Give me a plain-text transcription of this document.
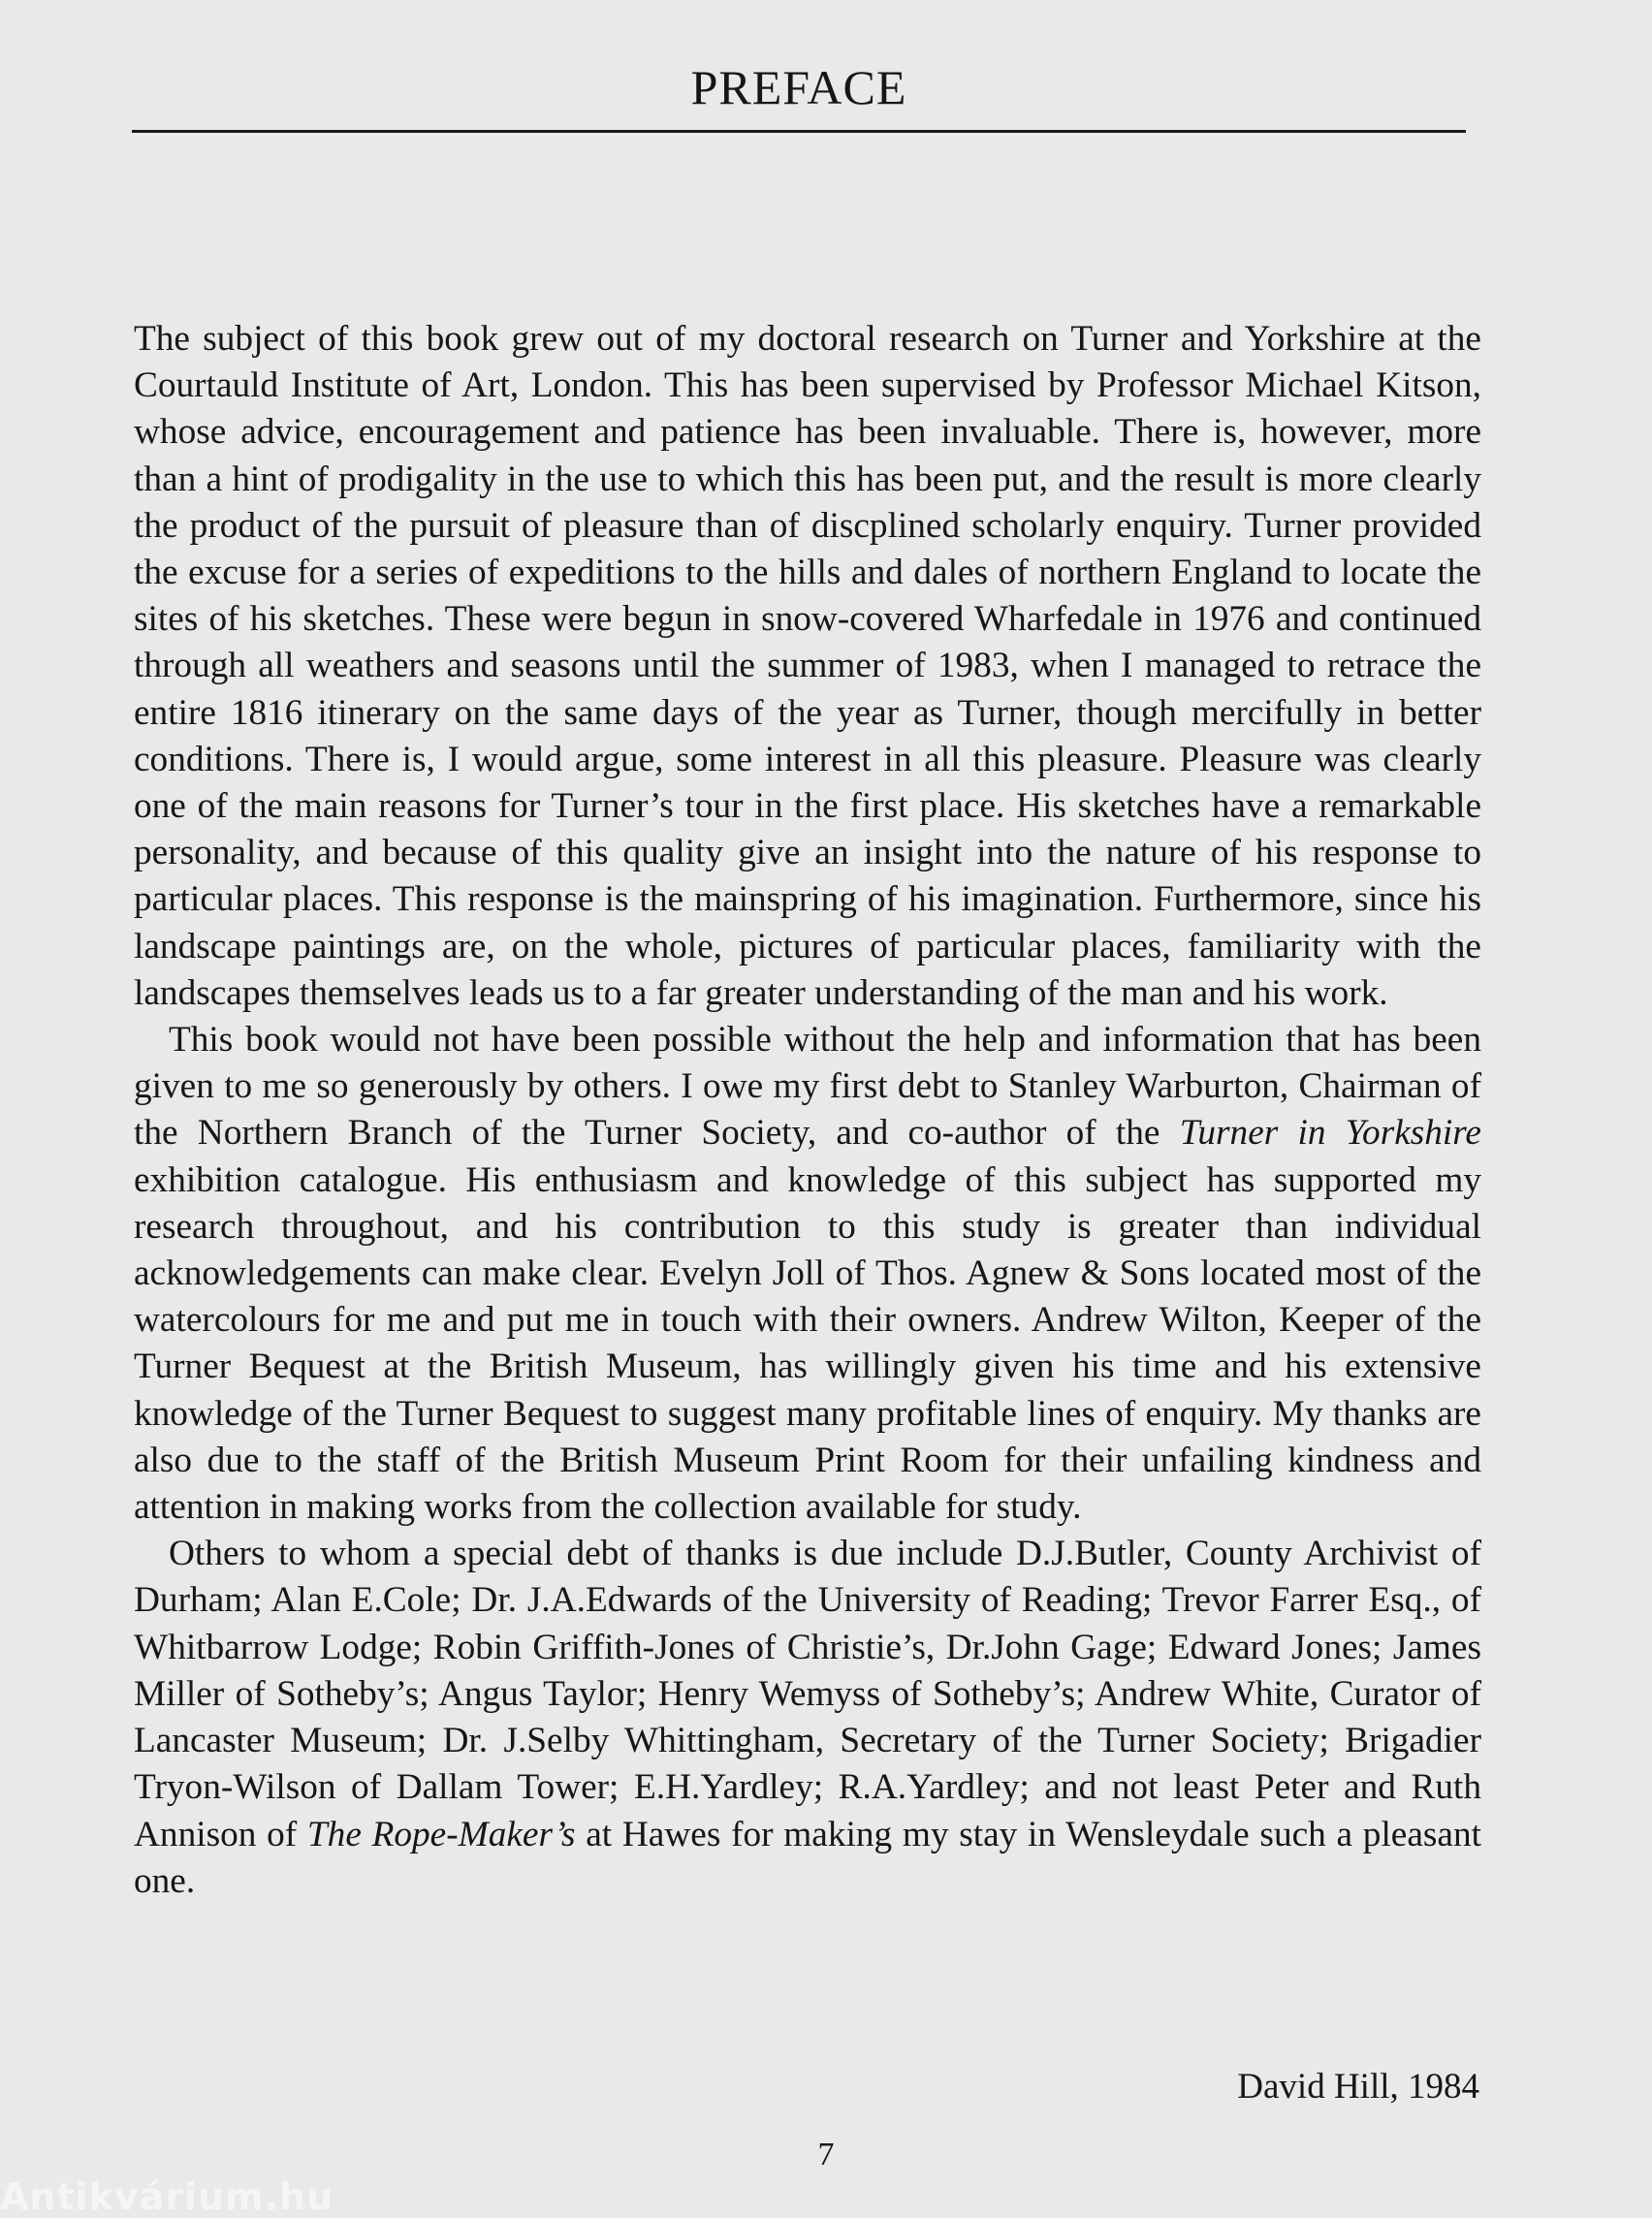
PREFACE

The subject of this book grew out of my doctoral research on Turner and Yorkshire at the Courtauld Institute of Art, London. This has been supervised by Professor Michael Kitson, whose advice, encouragement and patience has been invaluable. There is, however, more than a hint of prodigality in the use to which this has been put, and the result is more clearly the product of the pursuit of pleasure than of discplined scholarly enquiry. Turner provided the excuse for a series of expeditions to the hills and dales of northern England to locate the sites of his sketches. These were begun in snow-covered Wharfedale in 1976 and continued through all weathers and seasons until the summer of 1983, when I managed to retrace the entire 1816 itinerary on the same days of the year as Turner, though mercifully in better conditions. There is, I would argue, some interest in all this pleasure. Pleasure was clearly one of the main reasons for Turner’s tour in the first place. His sketches have a remarkable personality, and because of this quality give an insight into the nature of his response to particular places. This response is the mainspring of his imagination. Furthermore, since his landscape paintings are, on the whole, pictures of particular places, familiarity with the landscapes themselves leads us to a far greater understanding of the man and his work.

This book would not have been possible without the help and information that has been given to me so generously by others. I owe my first debt to Stanley Warburton, Chairman of the Northern Branch of the Turner Society, and co-author of the Turner in Yorkshire exhibition catalogue. His enthusiasm and knowledge of this subject has supported my research throughout, and his contribution to this study is greater than individual acknowledgements can make clear. Evelyn Joll of Thos. Agnew & Sons located most of the watercolours for me and put me in touch with their owners. Andrew Wilton, Keeper of the Turner Bequest at the British Museum, has willingly given his time and his extensive knowledge of the Turner Bequest to suggest many profitable lines of enquiry. My thanks are also due to the staff of the British Museum Print Room for their unfailing kindness and attention in making works from the collection available for study.

Others to whom a special debt of thanks is due include D.J.Butler, County Archivist of Durham; Alan E.Cole; Dr. J.A.Edwards of the University of Reading; Trevor Farrer Esq., of Whitbarrow Lodge; Robin Griffith-Jones of Christie’s, Dr.John Gage; Edward Jones; James Miller of Sotheby’s; Angus Taylor; Henry Wemyss of Sotheby’s; Andrew White, Curator of Lancaster Museum; Dr. J.Selby Whittingham, Secretary of the Turner Society; Brigadier Tryon-Wilson of Dallam Tower; E.H.Yardley; R.A.Yardley; and not least Peter and Ruth Annison of The Rope-Maker’s at Hawes for making my stay in Wensleydale such a pleasant one.

David Hill, 1984
7
Antikvárium.hu
